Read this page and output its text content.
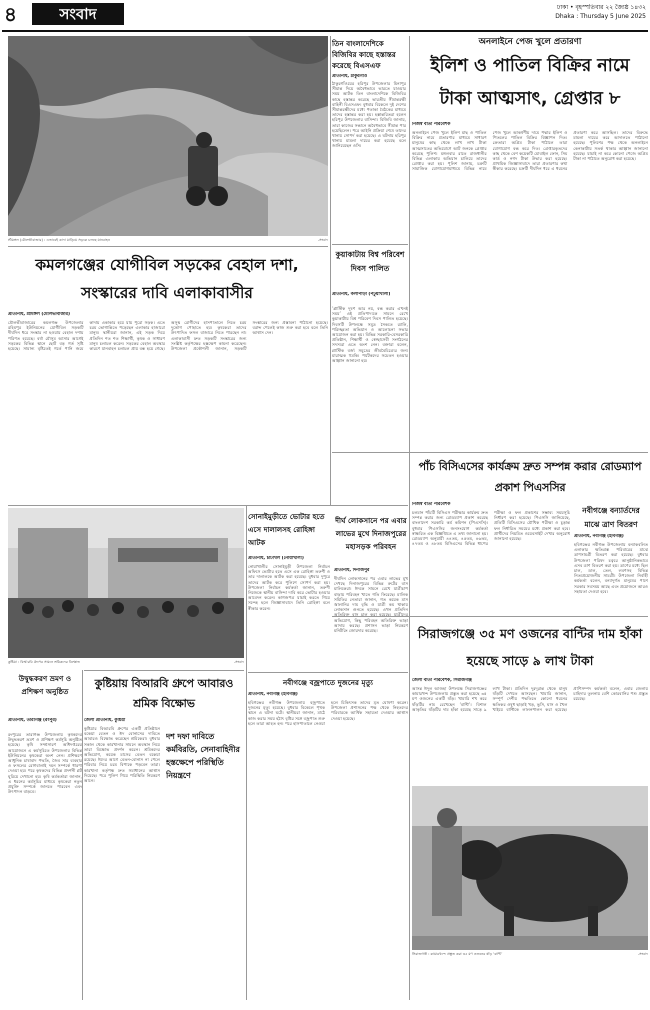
৪	সংবাদ	ঢাকা • বৃহস্পতিবার ২২ জ্যৈষ্ঠ ১৪৩২
Dhaka : Thursday 5 June 2025
শ্রীমঙ্গল (মৌলভীবাজার) : এভাবেই কাদা মাড়িয়ে সড়কে চলছে যানবাহন	-সংবাদ
তিন বাংলাদেশিকে বিজিবির কাছে হস্তান্তর করেছে বিএসএফ
প্রতিনিধি, ঠাকুরগাঁও
ঠাকুরগাঁওয়ের হরিপুর উপজেলার মিনাপুর সীমান্ত দিয়ে অবৈধভাবে ভারতে যাওয়ার সময় আটক তিন বাংলাদেশিকে বিজিবির কাছে হস্তান্তর করেছে ভারতীয় সীমান্তরক্ষী বাহিনী বিএসএফ। বুধবার বিকেলে দুই দেশের সীমান্তরক্ষীদের মধ্যে পতাকা বৈঠকের মাধ্যমে তাদের হস্তান্তর করা হয়। হস্তান্তরিতরা হলেন হরিপুর উপজেলার বাসিন্দা। বিজিবি জানায়, তারা কাজের সন্ধানে অবৈধভাবে সীমান্ত পার হয়েছিলেন। পরে আইনি প্রক্রিয়া শেষে তাদের থানায় সোপর্দ করা হয়েছে। এ ঘটনায় হরিপুর থানায় মামলা দায়ের করা হয়েছে বলে জানিয়েছেন ওসি।
অনলাইনে পেজ খুলে প্রতারণা
ইলিশ ও পাতিল বিক্রির নামে টাকা আত্মসাৎ, গ্রেপ্তার ৮
নিজস্ব বার্তা পরিবেশক
অনলাইনে পেজ খুলে ইলিশ মাছ ও পাতিল বিক্রির নামে প্রতারণার মাধ্যমে সাধারণ মানুষের কাছ থেকে লাখ লাখ টাকা আত্মসাতের অভিযোগে আট জনকে গ্রেপ্তার করেছে পুলিশ। মঙ্গলবার রাতে রাজধানীর বিভিন্ন এলাকায় অভিযান চালিয়ে তাদের গ্রেপ্তার করা হয়। পুলিশ জানায়, চক্রটি সামাজিক যোগাযোগমাধ্যমে বিভিন্ন নামে পেজ খুলে আকর্ষণীয় দামে পদ্মার ইলিশ ও পিতলের পাতিল বিক্রির বিজ্ঞাপন দিত। ক্রেতারা অগ্রিম টাকা পাঠালে তারা যোগাযোগ বন্ধ করে দিত। গ্রেপ্তারকৃতদের কাছ থেকে বেশ কয়েকটি মোবাইল ফোন, সিম কার্ড ও নগদ টাকা উদ্ধার করা হয়েছে। প্রাথমিক জিজ্ঞাসাবাদে তারা প্রতারণার কথা স্বীকার করেছে। চক্রটি দীর্ঘদিন ধরে এ ধরনের প্রতারণা করে আসছিল। তাদের বিরুদ্ধে মামলা দায়ের করে আদালতে পাঠানো হয়েছে। পুলিশের পক্ষ থেকে অনলাইনে কেনাকাটায় সতর্ক থাকার আহ্বান জানানো হয়েছে। যাচাই না করে কোনো পেজে অগ্রিম টাকা না পাঠাতে অনুরোধ করা হয়েছে।
কমলগঞ্জের যোগীবিল সড়কের বেহাল দশা, সংস্কারের দাবি এলাকাবাসীর
প্রতিনিধি, শ্রীমঙ্গল (মৌলভীবাজার)
মৌলভীবাজারের কমলগঞ্জ উপজেলার রহিমপুর ইউনিয়নের যোগীবিল সড়কটি দীর্ঘদিন ধরে সংস্কার না হওয়ায় বেহাল দশায় পরিণত হয়েছে। বর্ষা মৌসুম আসার আগেই সড়কের বিভিন্ন স্থানে ছোট বড় গর্ত সৃষ্টি হয়েছে। সামান্য বৃষ্টিতেই গর্তে পানি জমে কাদায় একাকার হয়ে যায় পুরো সড়ক। এতে চরম ভোগান্তিতে পড়েছেন এলাকার হাজারো মানুষ। স্থানীয়রা জানান, এই সড়ক দিয়ে প্রতিদিন শত শত শিক্ষার্থী, কৃষক ও সাধারণ মানুষ চলাচল করেন। সড়কের বেহাল অবস্থার কারণে যানবাহন চলাচল প্রায় বন্ধ হয়ে গেছে। অসুস্থ রোগীদের হাসপাতালে নিতে চরম দুর্ভোগ পোহাতে হয়। কৃষকেরা তাদের উৎপাদিত ফসল বাজারে নিতে পারছেন না। এলাকাবাসী দ্রুত সড়কটি সংস্কারের জন্য সংশ্লিষ্ট কর্তৃপক্ষের হস্তক্ষেপ কামনা করেছেন। উপজেলা প্রকৌশলী জানান, সড়কটি সংস্কারের জন্য প্রস্তাবনা পাঠানো হয়েছে। বরাদ্দ পেলেই কাজ শুরু করা হবে বলে তিনি আশ্বাস দেন।
কুয়াকাটায় বিশ্ব পরিবেশ দিবস পালিত
প্রতিনিধি, কলাপাড়া (পটুয়াখালী)
‘প্লাস্টিক দূষণ আর নয়, বন্ধ করার এখনই সময়’ এই প্রতিপাদ্যকে সামনে রেখে কুয়াকাটায় বিশ্ব পরিবেশ দিবস পালিত হয়েছে। দিবসটি উপলক্ষে সমুদ্র সৈকতে র‍্যালি, পরিচ্ছন্নতা অভিযান ও আলোচনা সভার আয়োজন করা হয়। বিভিন্ন সরকারি-বেসরকারি প্রতিষ্ঠান, শিক্ষার্থী ও স্বেচ্ছাসেবী সংগঠনের সদস্যরা এতে অংশ নেন। বক্তারা বলেন, প্লাস্টিক বর্জ্য সমুদ্রের জীববৈচিত্র্যের জন্য মারাত্মক হুমকি। পর্যটকদের সচেতন হওয়ার আহ্বান জানানো হয়।
পাঁচ বিসিএসের কার্যক্রম দ্রুত সম্পন্ন করার রোডম্যাপ প্রকাশ পিএসসির
নিজস্ব বার্তা পরিবেশক
চলমান পাঁচটি বিসিএস পরীক্ষার কার্যক্রম দ্রুত সম্পন্ন করার জন্য রোডম্যাপ প্রকাশ করেছে বাংলাদেশ সরকারি কর্ম কমিশন (পিএসসি)। বুধবার পিএসসির জনসংযোগ কর্মকর্তা স্বাক্ষরিত এক বিজ্ঞপ্তিতে এ তথ্য জানানো হয়। রোডম্যাপ অনুযায়ী ৪৪তম, ৪৫তম, ৪৬তম, ৪৭তম ও ৪৮তম বিসিএসের বিভিন্ন ধাপের পরীক্ষা ও ফল প্রকাশের সম্ভাব্য সময়সূচি নির্ধারণ করা হয়েছে। পিএসসি জানিয়েছে, প্রতিটি বিসিএসের মৌখিক পরীক্ষা ও চূড়ান্ত ফল নির্ধারিত সময়ের মধ্যে প্রকাশ করা হবে। প্রার্থীদের নিয়মিত ওয়েবসাইট দেখার অনুরোধ জানানো হয়েছে।
নবীগঞ্জে বন্যার্তদের মাঝে ত্রাণ বিতরণ
প্রতিনিধি, নবীগঞ্জ (হবিগঞ্জ)
হবিগঞ্জের নবীগঞ্জ উপজেলায় বন্যাকবলিত এলাকার ক্ষতিগ্রস্ত পরিবারের মাঝে ত্রাণসামগ্রী বিতরণ করা হয়েছে। বুধবার উপজেলা পরিষদ চত্বরে আনুষ্ঠানিকভাবে এসব ত্রাণ বিতরণ করা হয়। ত্রাণের মধ্যে ছিল চাল, ডাল, তেল, লবণসহ বিভিন্ন নিত্যপ্রয়োজনীয় সামগ্রী। উপজেলা নির্বাহী কর্মকর্তা বলেন, বন্যাদুর্গত মানুষের পাশে সরকার সবসময় আছে এবং প্রয়োজনে আরও সহায়তা দেওয়া হবে।
কুষ্টিয়া : বিআরবি গ্রুপের সামনে শ্রমিকদের বিক্ষোভ	-সংবাদ
সোনাইমুড়ীতে ভোটার হতে এসে দালালসহ রোহিঙ্গা আটক
প্রতিনিধি, চাটখিল (নোয়াখালী)
নোয়াখালীর সোনাইমুড়ী উপজেলা নির্বাচন অফিসে ভোটার হতে এসে এক রোহিঙ্গা তরুণী ও তার দালালকে আটক করা হয়েছে। বুধবার দুপুরে তাদের আটক করে পুলিশে সোপর্দ করা হয়। উপজেলা নির্বাচন কর্মকর্তা জানান, তরুণী নিজেকে স্থানীয় বাসিন্দা দাবি করে ভোটার হওয়ার আবেদন করেন। কাগজপত্র যাচাই করতে গিয়ে সন্দেহ হলে জিজ্ঞাসাবাদে তিনি রোহিঙ্গা বলে স্বীকার করেন।
দীর্ঘ লোকসানে পর এবার লাভের মুখে দিনাজপুরের মহাসড়ক পরিবহন
প্রতিনিধি, দিনাজপুর
দীর্ঘদিন লোকসানের পর এবার লাভের মুখ দেখছে দিনাজপুরের বিভিন্ন রুটের বাস মালিকেরা। ঈদকে সামনে রেখে যাত্রীচাপ বাড়ায় পরিবহন খাতে গতি ফিরেছে। মালিক সমিতির নেতারা জানান, গত কয়েক মাস জ্বালানির দাম বৃদ্ধি ও যাত্রী কম থাকায় লোকসান গুনতে হয়েছে। এখন প্রতিদিন অতিরিক্ত বাস চালু করা হয়েছে। যাত্রীদের অভিযোগ, কিছু পরিবহন অতিরিক্ত ভাড়া আদায় করছে। প্রশাসন ভাড়া নিয়ন্ত্রণে মনিটরিং জোরদার করেছে।
নবীগঞ্জে বজ্রপাতে দুজনের মৃত্যু
প্রতিনিধি, নবীগঞ্জ (হবিগঞ্জ)
হবিগঞ্জের নবীগঞ্জ উপজেলায় বজ্রপাতে দুজনের মৃত্যু হয়েছে। বুধবার বিকেলে পৃথক স্থানে এ ঘটনা ঘটে। স্থানীয়রা জানান, মাঠে কাজ করার সময় হঠাৎ বৃষ্টির সঙ্গে বজ্রপাত শুরু হলে তারা আহত হন। পরে হাসপাতালে নেওয়া হলে চিকিৎসক তাদের মৃত ঘোষণা করেন। উপজেলা প্রশাসনের পক্ষ থেকে নিহতদের পরিবারকে আর্থিক সহায়তা দেওয়ার আশ্বাস দেওয়া হয়েছে।
সিরাজগঞ্জে ৩৫ মণ ওজনের বান্টির দাম হাঁকা হয়েছে সাড়ে ৯ লাখ টাকা
জেলা বার্তা পরিবেশক, সিরাজগঞ্জ
আসন্ন ঈদুল আজহা উপলক্ষে সিরাজগঞ্জের কামারখন্দ উপজেলায় প্রস্তুত করা হয়েছে ৩৫ মণ ওজনের একটি ষাঁড়। খামারি শখ করে ষাঁড়টির নাম রেখেছেন ‘বান্টি’। বিশাল আকৃতির ষাঁড়টির দাম হাঁকা হয়েছে সাড়ে ৯ লাখ টাকা। প্রতিদিন দূরদূরান্ত থেকে মানুষ ষাঁড়টি দেখতে আসছেন। খামারি জানান, সম্পূর্ণ দেশীয় পদ্ধতিতে কোনো ধরনের ক্ষতিকর ওষুধ ছাড়াই খড়, ভুসি, ঘাস ও খৈল খাইয়ে বান্টিকে লালনপালন করা হয়েছে। প্রাণিসম্পদ কর্মকর্তা বলেন, এবার জেলায় চাহিদার তুলনায় বেশি কোরবানির পশু প্রস্তুত রয়েছে।
সিরাজগঞ্জ : কামারখন্দে প্রস্তুত করা ৩৫ মণ ওজনের ষাঁড় ‘বান্টি’	-সংবাদ
কুষ্টিয়ায় বিআরবি গ্রুপে আবারও শ্রমিক বিক্ষোভ
জেলা প্রতিনিধি, কুষ্টিয়া
কুষ্টিয়ার বিআরবি গ্রুপের একটি প্রতিষ্ঠানে বকেয়া বেতন ও ঈদ বোনাসের দাবিতে আবারও বিক্ষোভ করেছেন শ্রমিকেরা। বুধবার সকাল থেকে কারখানার সামনে অবস্থান নিয়ে তারা বিক্ষোভ প্রদর্শন করেন। শ্রমিকদের অভিযোগ, কয়েক মাসের বেতন বকেয়া রয়েছে। ঈদের আগে বেতন-বোনাস না পেলে পরিবার নিয়ে চরম বিপাকে পড়বেন তারা। কারখানা কর্তৃপক্ষ দ্রুত সমাধানের আশ্বাস দিয়েছে। পরে পুলিশ গিয়ে পরিস্থিতি নিয়ন্ত্রণে আনে।
দশ দফা দাবিতে কর্মবিরতি, সেনাবাহিনীর হস্তক্ষেপে পরিস্থিতি নিয়ন্ত্রণে
উদ্বুদ্ধকরণ ভ্রমণ ও প্রশিক্ষণ অনুষ্ঠিত
প্রতিনিধি, তারাগঞ্জ (রংপুর)
রংপুরের তারাগঞ্জ উপজেলায় কৃষকদের উদ্বুদ্ধকরণ ভ্রমণ ও প্রশিক্ষণ কর্মসূচি অনুষ্ঠিত হয়েছে। কৃষি সম্প্রসারণ অধিদপ্তরের আয়োজনে এ কর্মসূচিতে উপজেলার বিভিন্ন ইউনিয়নের কৃষকেরা অংশ নেন। প্রশিক্ষণে আধুনিক চাষাবাদ পদ্ধতি, জৈব সার ব্যবহার ও ফসলের রোগবালাই দমন সম্পর্কে ধারণা দেওয়া হয়। পরে কৃষকদের বিভিন্ন প্রদর্শনী প্লট ঘুরিয়ে দেখানো হয়। কৃষি কর্মকর্তারা জানান, এ ধরনের কর্মসূচির মাধ্যমে কৃষকেরা নতুন প্রযুক্তি সম্পর্কে জানতে পারবেন এবং উৎপাদন বাড়বে।
